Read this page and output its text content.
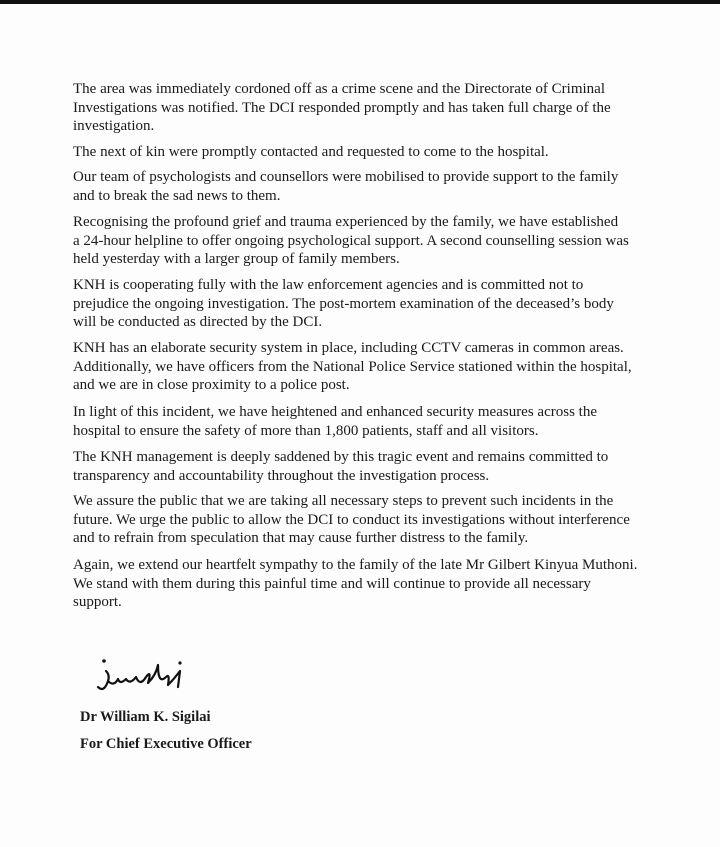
The area was immediately cordoned off as a crime scene and the Directorate of Criminal
Investigations was notified. The DCI responded promptly and has taken full charge of the
investigation.
The next of kin were promptly contacted and requested to come to the hospital.
Our team of psychologists and counsellors were mobilised to provide support to the family
and to break the sad news to them.
Recognising the profound grief and trauma experienced by the family, we have established
a 24-hour helpline to offer ongoing psychological support. A second counselling session was
held yesterday with a larger group of family members.
KNH is cooperating fully with the law enforcement agencies and is committed not to
prejudice the ongoing investigation. The post-mortem examination of the deceased’s body
will be conducted as directed by the DCI.
KNH has an elaborate security system in place, including CCTV cameras in common areas.
Additionally, we have officers from the National Police Service stationed within the hospital,
and we are in close proximity to a police post.
In light of this incident, we have heightened and enhanced security measures across the
hospital to ensure the safety of more than 1,800 patients, staff and all visitors.
The KNH management is deeply saddened by this tragic event and remains committed to
transparency and accountability throughout the investigation process.
We assure the public that we are taking all necessary steps to prevent such incidents in the
future. We urge the public to allow the DCI to conduct its investigations without interference
and to refrain from speculation that may cause further distress to the family.
Again, we extend our heartfelt sympathy to the family of the late Mr Gilbert Kinyua Muthoni.
We stand with them during this painful time and will continue to provide all necessary
support.
Dr William K. Sigilai
For Chief Executive Officer
